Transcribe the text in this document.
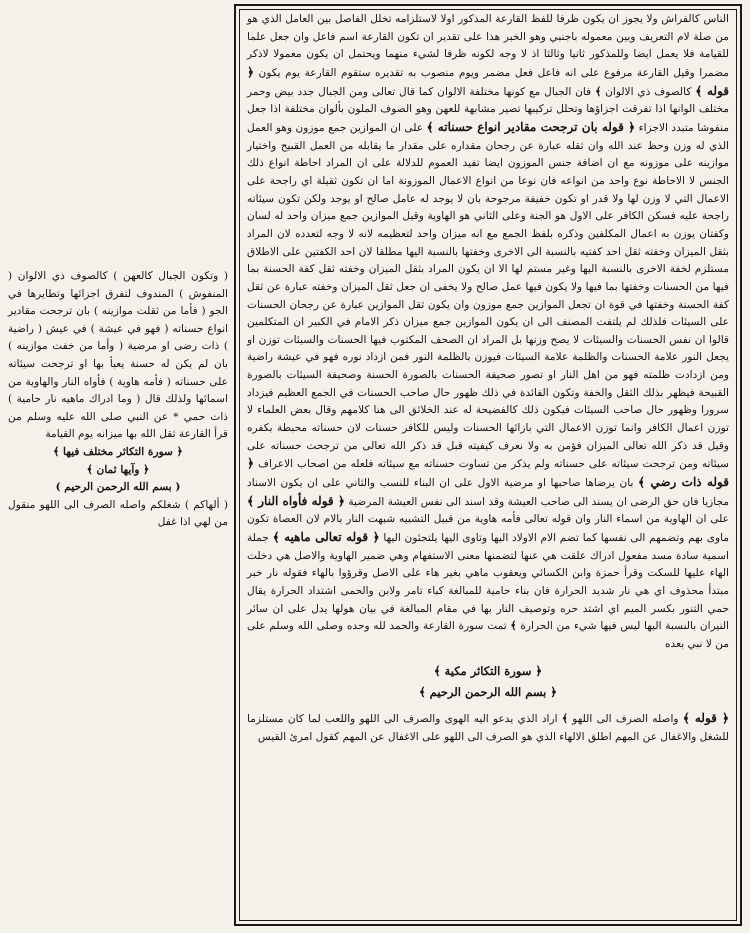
الناس كالفراش ولا يجوز ان يكون ظرفا للفظ القارعة المذكور اولا لاستلزامه تخلل الفاصل بين العامل الذي هو من صلة لام التعريف وبين معموله باجنبي وهو الخبر هذا على تقدير ان تكون القارعة اسم فاعل وان جعل علما للقيامة فلا يعمل ايضا وللمذكور ثانيا وثالثا اذ لا وجه لكونه ظرفا لشيء منهما ويحتمل ان يكون معمولا لاذكر مضمرا وقيل القارعة مرفوع على انه فاعل فعل مضمر ويوم منصوب به تقديره ستقوم القارعة يوم يكون ﴿ قوله ﴾ كالصوف ذي الالوان ﴾ فان الجبال مع كونها مختلفة الالوان كما قال تعالى ومن الجبال جدد بيض وحمر مختلف الوانها اذا تفرقت اجزاؤها وتحلل تركيبها تصير مشابهة للعهن وهو الصوف الملون بألوان مختلفة اذا جعل منفوشا متبدد الاجزاء ﴿ قوله بان ترجحت مقادير انواع حسناته ﴾ على ان الموازين جمع موزون وهو العمل الذي له وزن وحظ عند الله وان ثقله عبارة عن رجحان مقداره على مقدار ما يقابله من العمل القبيح واختيار موازينه على موزونه مع ان اضافة جنس الموزون ايضا تفيد العموم للدلالة على ان المراد احاطة انواع ذلك الجنس لا الاحاطة نوع واحد من انواعه فان نوعا من انواع الاعمال الموزونة اما ان تكون ثقيلة اي راجحة على الاعمال التي لا وزن لها ولا قدر او تكون خفيفة مرجوحة بان لا يوجد له عامل صالح او يوجد ولكن تكون سيئاته راجحة عليه فسكن الكافر على الاول هو الجنة وعلى الثاني هو الهاوية وقيل الموازين جمع ميزان واحد له لسان وكفتان يوزن به اعمال المكلفين وذكره بلفظ الجمع مع انه ميزان واحد لتعظيمه لانه لا وجه لتعدده لان المراد بثقل الميزان وخفته ثقل احد كفتيه بالنسبة الى الاخرى وخفتها بالنسبة اليها مطلقا لان احد الكفتين على الاطلاق مستلزم لخفة الاخرى بالنسبة اليها وغير مستم لها الا ان يكون المراد بثقل الميزان وخفته ثقل كفة الحسنة بما فيها من الحسنات وخفتها بما فيها ولا يكون فيها عمل صالح ولا يخفى ان جعل ثقل الميزان وخفته عبارة عن ثقل كفة الحسنة وخفتها في قوة ان تجعل الموازين جمع موزون وان يكون ثقل الموازين عبارة عن رجحان الحسنات على السيئات فلذلك لم يلتفت المصنف الى ان يكون الموازين جمع ميزان ذكر الامام في الكبير ان المتكلمين قالوا ان نفس الحسنات والسيئات لا يصح وزنها بل المراد ان الصحف المكتوب فيها الحسنات والسيئات توزن او يجعل النور علامة الحسنات والظلمة علامة السيئات فيوزن بالظلمة النور فمن ازداد نوره فهو في عيشة راضية ومن ازدادت ظلمته فهو من اهل النار او تصور صحيفة الحسنات بالصورة الحسنة وصحيفة السيئات بالصورة القبيحة فيظهر بذلك الثقل والخفة وتكون الفائدة في ذلك ظهور حال صاحب الحسنات في الجمع العظيم فيزداد سرورا وظهور حال صاحب السيئات فيكون ذلك كالفضيحة له عند الخلائق الى هنا كلامهم وقال بعض العلماء لا توزن اعمال الكافر وانما توزن الاعمال التي بازائها الحسنات وليس للكافر حسنات لان حسناته محبطة بكفره وقيل قد ذكر الله تعالى الميزان فؤمن به ولا نعرف كيفيته قبل قد ذكر الله تعالى من ترجحت حسناته على سيئاته ومن ترجحت سيئاته على حسناته ولم يذكر من تساوت حسناته مع سيئاته فلعله من اصحاب الاعراف ﴿ قوله ذات رضي ﴾ بان يرضاها صاحبها او مرضية الاول على ان البناء للنسب والثاني على ان يكون الاسناد مجازيا فان حق الرضى ان يسند الى صاحب العيشة وقد اسند الى نفس العيشة المرضية ﴿ قوله فأواه النار ﴾ على ان الهاوية من اسماء النار وان قوله تعالى فأمه هاوية من قبيل التشبيه شبهت النار بالام لان العصاة تكون ماوى بهم وتضمهم الى نفسها كما تضم الام الاولاد اليها وتاوى اليها يلتجئون اليها ﴿ قوله تعالى ماهيه ﴾ جملة اسمية سادة مسد مفعول ادراك علقت هي عنها لتضمنها معنى الاستفهام وهي ضمير الهاوية والاصل هي دخلت الهاء عليها للسكت وقرأ حمزة وابن الكسائي ويعقوب ماهي بغير هاء على الاصل وقرؤوا بالهاء فقوله نار خبر مبتدأ محذوف اي هي نار شديد الحرارة فان بناء حامية للمبالغة كباء تامر ولابن والحمى اشتداد الحرارة يقال حمي التنور بكسر الميم اي اشتد حره وتوصيف النار بها في مقام المبالغة في بيان هولها يدل على ان سائر النيران بالنسبة اليها ليس فيها شيء من الحرارة ﴾ تمت سورة القارعة والحمد لله وحده وصلى الله وسلم على من لا نبي بعده

﴿ سورة التكاثر مكية ﴾
﴿ بسم الله الرحمن الرحيم ﴾

﴿ قوله ﴾ واصله الصرف الى اللهو ﴾ اراد الذي يدعو اليه الهوى والصرف الى اللهو واللعب لما كان مستلزما للشغل والاغفال عن المهم اطلق الالهاء الذي هو الصرف الى اللهو على الاغفال عن المهم كقول امرئ القيس

( وتكون الجبال كالعهن ) كالصوف ذي الالوان ( المنفوش ) المندوف لتفرق اجزائها وتطايرها في الجو ( فأما من ثقلت موازينه ) بان ترجحت مقادير انواع حسناته ( فهو في عيشة ) في عيش ( راضية ) ذات رضى او مرضية ( وأما من خفت موازينه ) بان لم يكن له حسنة يعبأ بها او ترجحت سيئاته على حسناته ( فأمه هاوية ) فأواه النار والهاوية من اسمائها ولذلك قال ( وما ادراك ماهيه نار حامية ) ذات حمي * عن النبي صلى الله عليه وسلم من قرأ القارعة ثقل الله بها ميزانه يوم القيامة
﴿ سورة التكاثر مختلف فيها ﴾
﴿ وآيها ثمان ﴾
( بسم الله الرحمن الرحيم )
( ألهاكم ) شغلكم واصله الصرف الى اللهو منقول من لهي اذا غفل
